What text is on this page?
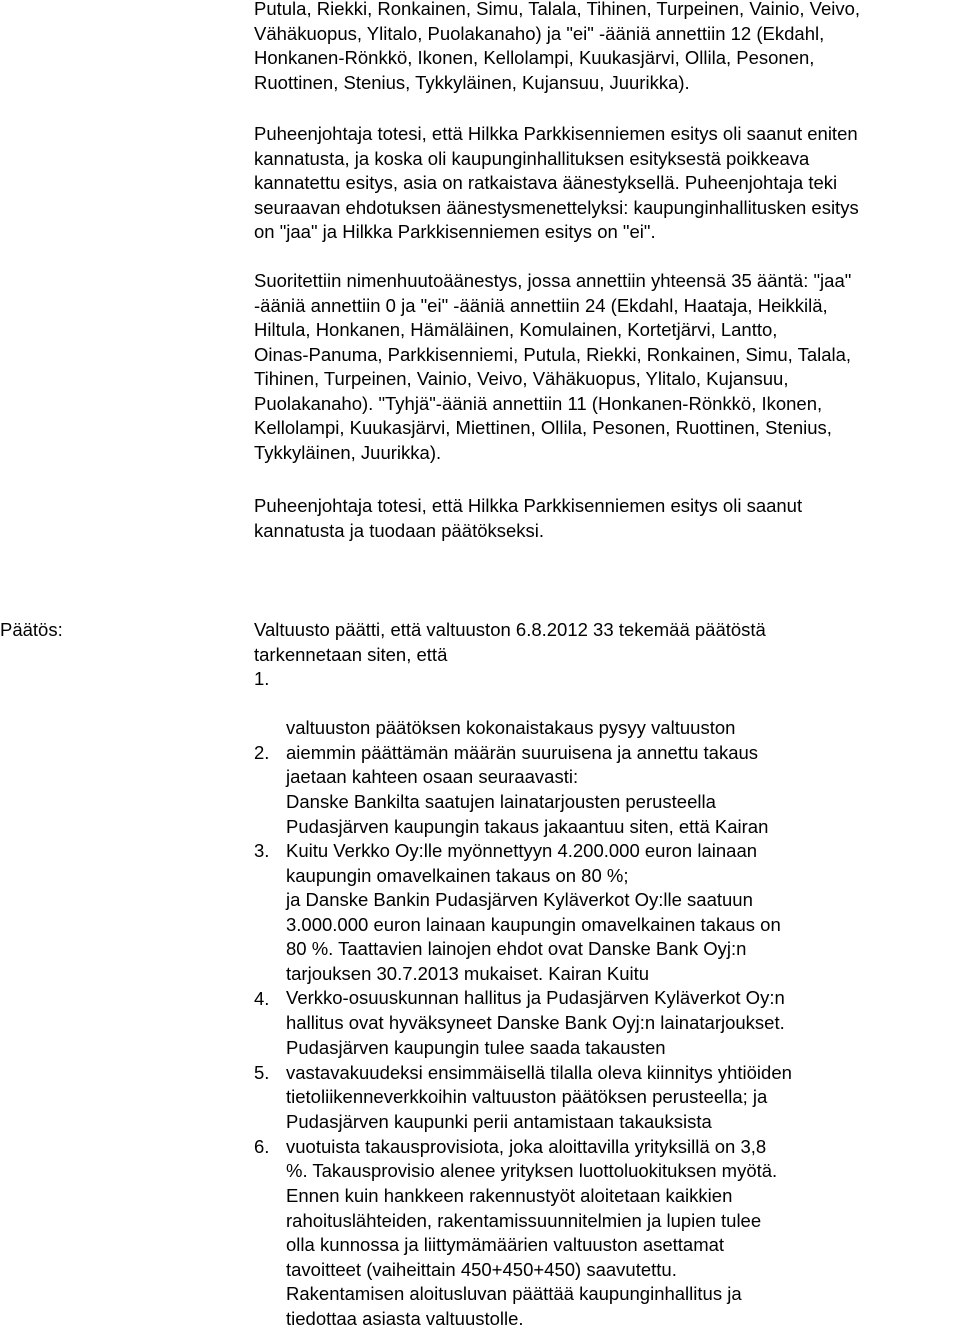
Putula, Riekki, Ronkainen, Simu, Talala, Tihinen, Turpeinen, Vainio, Veivo,
Vähäkuopus, Ylitalo, Puolakanaho) ja "ei" -ääniä annettiin 12 (Ekdahl,
Honkanen-Rönkkö, Ikonen, Kellolampi, Kuukasjärvi, Ollila, Pesonen,
Ruottinen, Stenius, Tykkyläinen, Kujansuu, Juurikka).

Puheenjohtaja totesi, että Hilkka Parkkisenniemen esitys oli saanut eniten
kannatusta, ja koska oli kaupunginhallituksen esityksestä poikkeava
kannatettu esitys, asia on ratkaistava äänestyksellä. Puheenjohtaja teki
seuraavan ehdotuksen äänestysmenettelyksi: kaupunginhallitusken esitys
on "jaa" ja Hilkka Parkkisenniemen esitys on "ei".

Suoritettiin nimenhuutoäänestys, jossa annettiin yhteensä 35 ääntä: "jaa"
-ääniä annettiin 0 ja "ei" -ääniä annettiin 24 (Ekdahl, Haataja, Heikkilä,
Hiltula, Honkanen, Hämäläinen, Komulainen, Kortetjärvi, Lantto,
Oinas-Panuma, Parkkisenniemi, Putula, Riekki, Ronkainen, Simu, Talala,
Tihinen, Turpeinen, Vainio, Veivo, Vähäkuopus, Ylitalo, Kujansuu,
Puolakanaho). "Tyhjä"-ääniä annettiin 11 (Honkanen-Rönkkö, Ikonen,
Kellolampi, Kuukasjärvi, Miettinen, Ollila, Pesonen, Ruottinen, Stenius,
Tykkyläinen, Juurikka).

Puheenjohtaja totesi, että Hilkka Parkkisenniemen esitys oli saanut
kannatusta ja tuodaan päätökseksi.

Päätös:	Valtuusto päätti, että valtuuston 6.8.2012 33 tekemää päätöstä
tarkennetaan siten, että

1.

valtuuston päätöksen kokonaistakaus pysyy valtuuston
aiemmin päättämän määrän suuruisena ja annettu takaus
jaetaan kahteen osaan seuraavasti:

2.

Danske Bankilta saatujen lainatarjousten perusteella
Pudasjärven kaupungin takaus jakaantuu siten, että Kairan
Kuitu Verkko Oy:lle myönnettyyn 4.200.000 euron lainaan
kaupungin omavelkainen takaus on 80 %;

3.

ja Danske Bankin Pudasjärven Kyläverkot Oy:lle saatuun
3.000.000 euron lainaan kaupungin omavelkainen takaus on
80 %. Taattavien lainojen ehdot ovat Danske Bank Oyj:n
tarjouksen 30.7.2013 mukaiset. Kairan Kuitu
Verkko-osuuskunnan hallitus ja Pudasjärven Kyläverkot Oy:n
hallitus ovat hyväksyneet Danske Bank Oyj:n lainatarjoukset.

4.

Pudasjärven kaupungin tulee saada takausten
vastavakuudeksi ensimmäisellä tilalla oleva kiinnitys yhtiöiden
tietoliikenneverkkoihin valtuuston päätöksen perusteella; ja

5.

Pudasjärven kaupunki perii antamistaan takauksista
vuotuista takausprovisiota, joka aloittavilla yrityksillä on 3,8
%. Takausprovisio alenee yrityksen luottoluokituksen myötä.

6.

Ennen kuin hankkeen rakennustyöt aloitetaan kaikkien
rahoituslähteiden, rakentamissuunnitelmien ja lupien tulee
olla kunnossa ja liittymämäärien valtuuston asettamat
tavoitteet (vaiheittain 450+450+450) saavutettu.
Rakentamisen aloitusluvan päättää kaupunginhallitus ja
tiedottaa asiasta valtuustolle.
